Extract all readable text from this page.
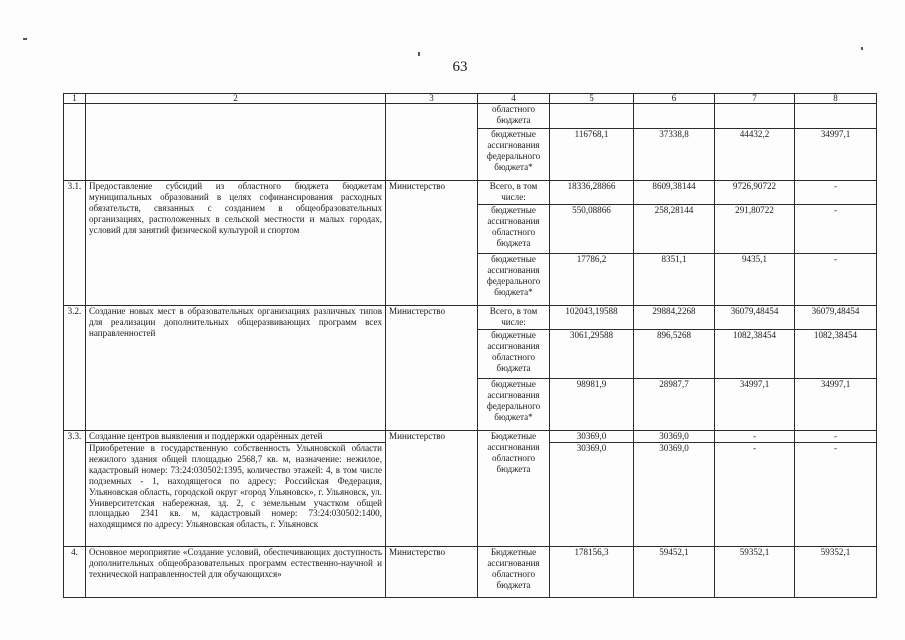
63
1	2	3	4	5	6	7	8
			областного бюджета				
			бюджетные ассигнования федерального бюджета*	116768,1	37338,8	44432,2	34997,1
3.1.	Предоставление субсидий из областного бюджета бюджетам муниципальных образований в целях софинансирования расходных обязательств, связанных с созданием в общеобразовательных организациях, расположенных в сельской местности и малых городах, условий для занятий физической культурой и спортом	Министерство	Всего, в том числе:	18336,28866	8609,38144	9726,90722	-
			бюджетные ассигнования областного бюджета	550,08866	258,28144	291,80722	-
			бюджетные ассигнования федерального бюджета*	17786,2	8351,1	9435,1	-
3.2.	Создание новых мест в образовательных организациях различных типов для реализации дополнительных общеразвивающих программ всех направленностей	Министерство	Всего, в том числе:	102043,19588	29884,2268	36079,48454	36079,48454
			бюджетные ассигнования областного бюджета	3061,29588	896,5268	1082,38454	1082,38454
			бюджетные ассигнования федерального бюджета*	98981,9	28987,7	34997,1	34997,1
3.3.	Создание центров выявления и поддержки одарённых детей	Министерство	Бюджетные ассигнования областного бюджета	30369,0	30369,0	-	-
	Приобретение в государственную собственность Ульяновской области нежилого здания общей площадью 2568,7 кв. м, назначение: нежилое, кадастровый номер: 73:24:030502:1395, количество этажей: 4, в том числе подземных - 1, находящегося по адресу: Российская Федерация, Ульяновская область, городской округ «город Ульяновск», г. Ульяновск, ул. Университетская набережная, зд. 2, с земельным участком общей площадью 2341 кв. м, кадастровый номер: 73:24:030502:1400, находящимся по адресу: Ульяновская область, г. Ульяновск			30369,0	30369,0	-	-
4.	Основное мероприятие «Создание условий, обеспечивающих доступность дополнительных общеобразовательных программ естественно-научной и технической направленностей для обучающихся»	Министерство	Бюджетные ассигнования областного бюджета	178156,3	59452,1	59352,1	59352,1
